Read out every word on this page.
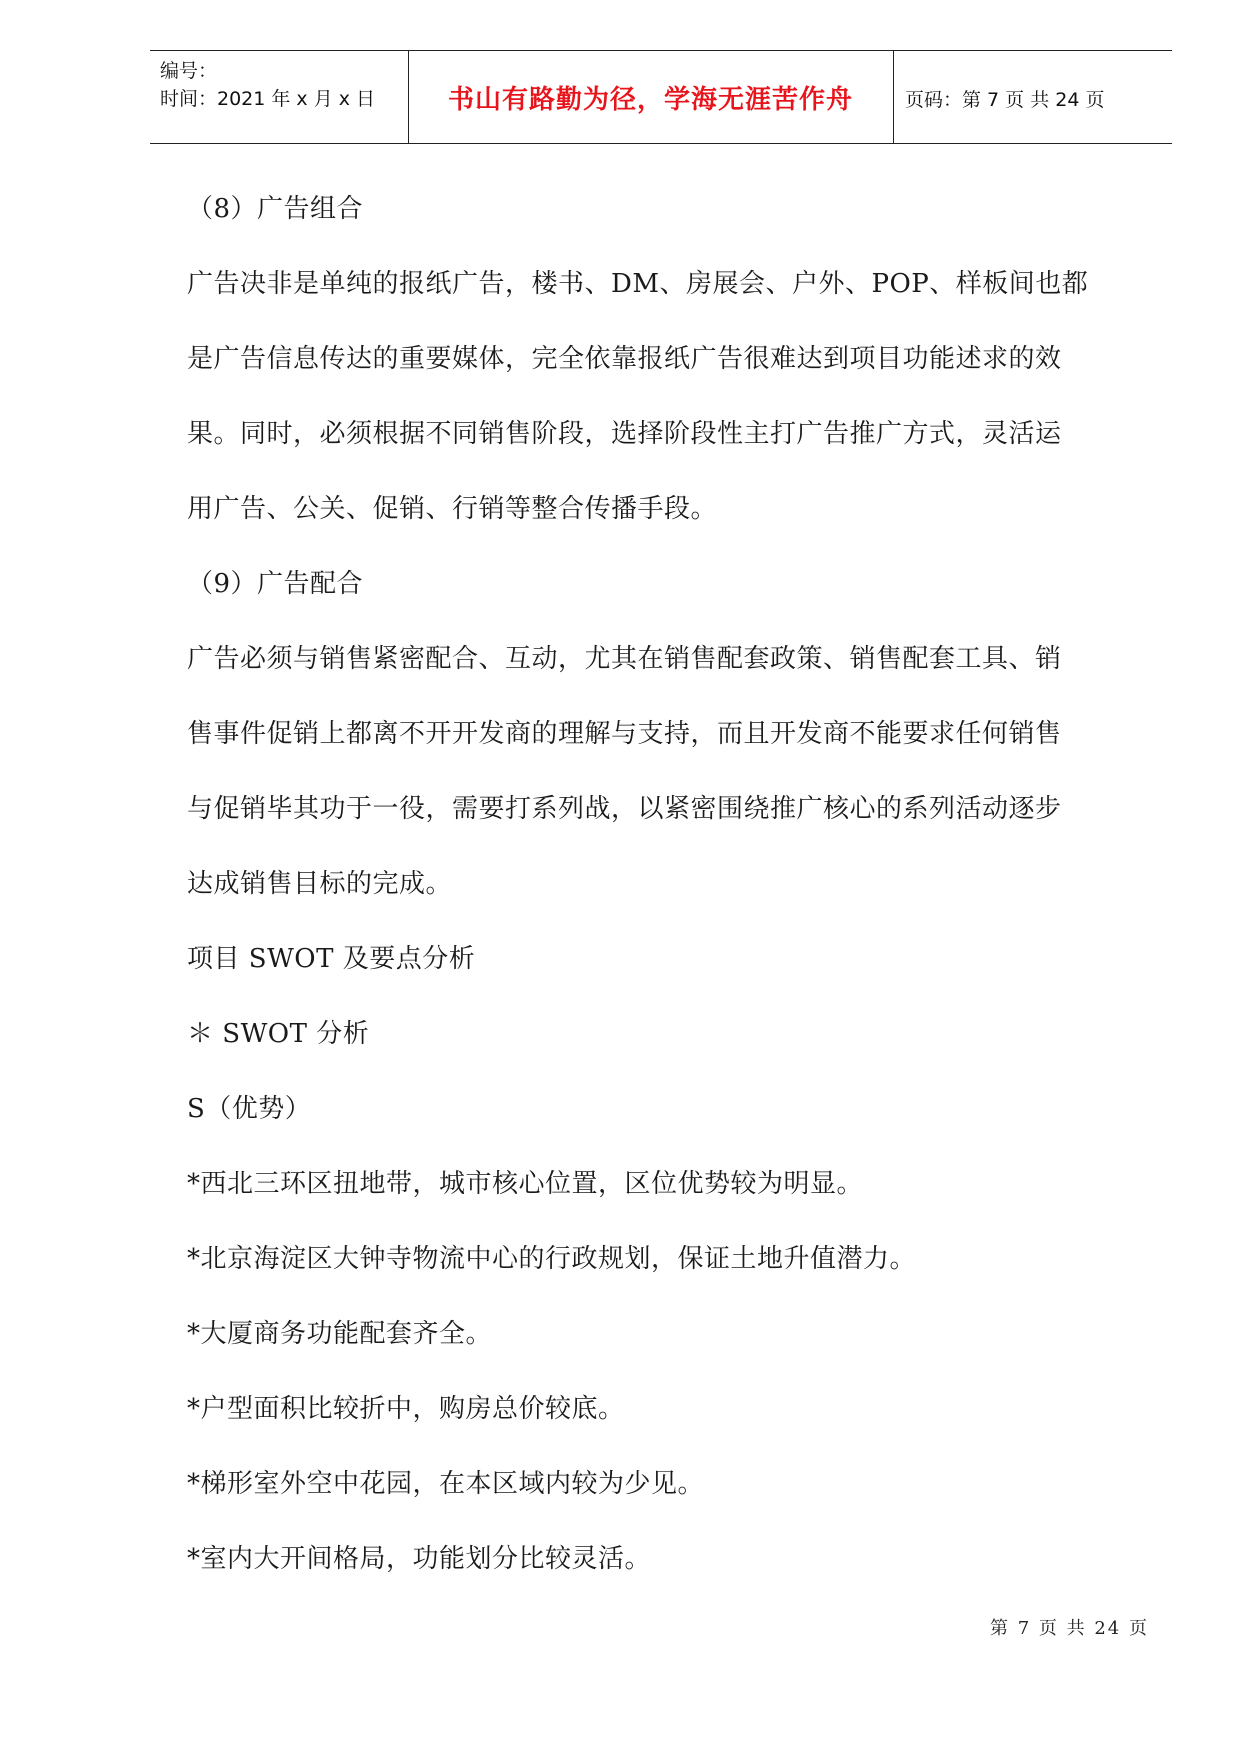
编号：
时间：2021 年 x 月 x 日	书山有路勤为径，学海无涯苦作舟	页码：第 7 页 共 24 页
（8）广告组合
广告决非是单纯的报纸广告，楼书、DM、房展会、户外、POP、样板间也都
是广告信息传达的重要媒体，完全依靠报纸广告很难达到项目功能述求的效
果。同时，必须根据不同销售阶段，选择阶段性主打广告推广方式，灵活运
用广告、公关、促销、行销等整合传播手段。
（9）广告配合
广告必须与销售紧密配合、互动，尤其在销售配套政策、销售配套工具、销
售事件促销上都离不开开发商的理解与支持，而且开发商不能要求任何销售
与促销毕其功于一役，需要打系列战，以紧密围绕推广核心的系列活动逐步
达成销售目标的完成。
项目 SWOT 及要点分析
＊ SWOT 分析
S（优势）
*西北三环区扭地带，城市核心位置，区位优势较为明显。
*北京海淀区大钟寺物流中心的行政规划，保证土地升值潜力。
*大厦商务功能配套齐全。
*户型面积比较折中，购房总价较底。
*梯形室外空中花园，在本区域内较为少见。
*室内大开间格局，功能划分比较灵活。
第 7 页 共 24 页
